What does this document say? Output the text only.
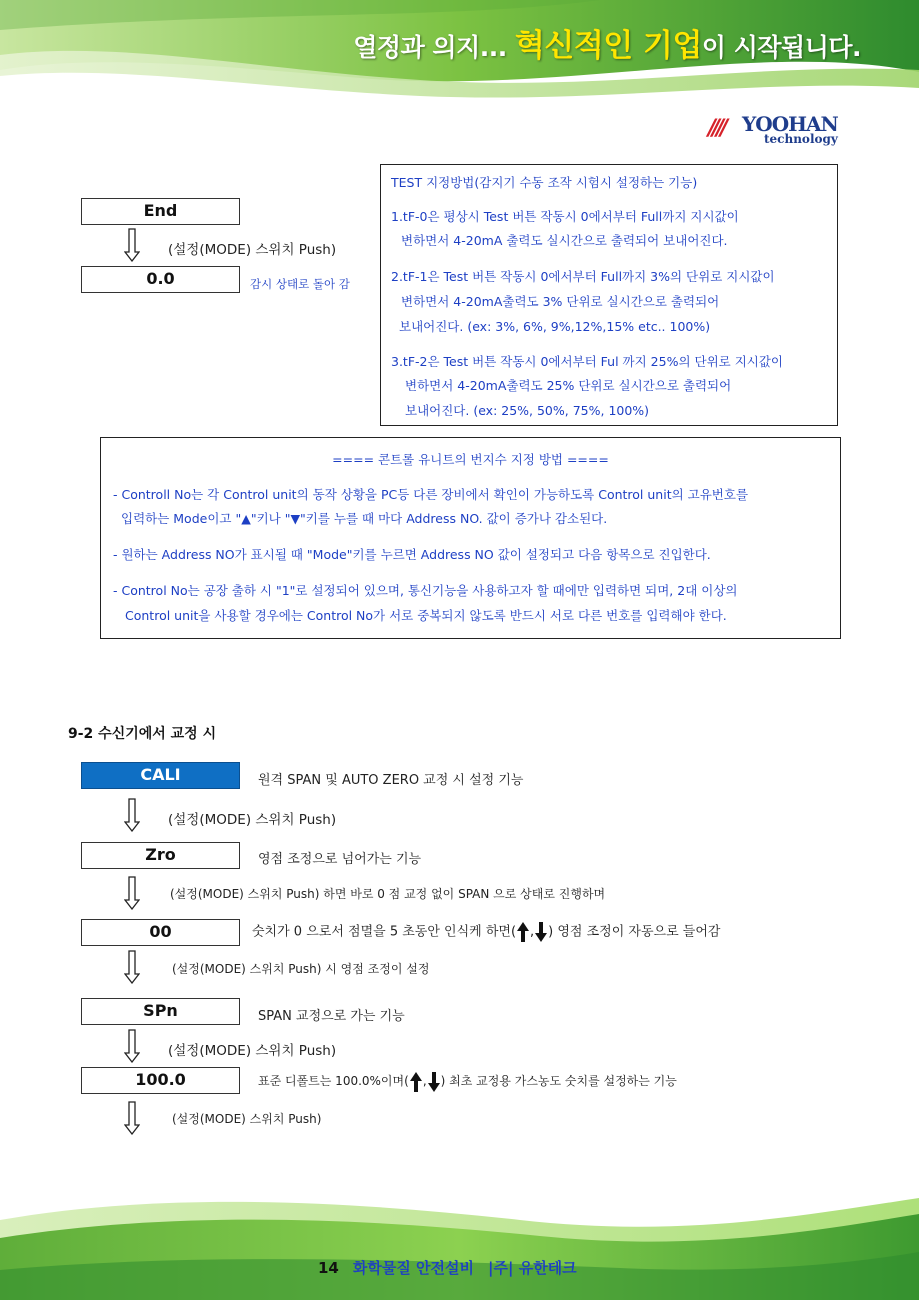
열정과 의지... 혁신적인 기업이 시작됩니다.
//// YOOHAN
technology
End
(설정(MODE) 스위치 Push)
0.0	감시 상태로 돌아 감
TEST 지정방법(감지기 수동 조작 시험시 설정하는 기능)
1.tF-0은 평상시 Test 버튼 작동시 0에서부터 Full까지 지시값이
변하면서 4-20mA 출력도 실시간으로 출력되어 보내어진다.
2.tF-1은 Test 버튼 작동시 0에서부터 Full까지 3%의 단위로 지시값이
변하면서 4-20mA출력도 3% 단위로 실시간으로 출력되어
보내어진다. (ex: 3%, 6%, 9%,12%,15% etc.. 100%)
3.tF-2은 Test 버튼 작동시 0에서부터 Ful 까지 25%의 단위로 지시값이
변하면서 4-20mA출력도 25% 단위로 실시간으로 출력되어
보내어진다. (ex: 25%, 50%, 75%, 100%)
==== 콘트롤 유니트의 번지수 지정 방법 ====
- Controll No는 각 Control unit의 동작 상황을 PC등 다른 장비에서 확인이 가능하도록 Control unit의 고유번호를
입력하는 Mode이고 "▲"키나 "▼"키를 누를 때 마다 Address NO. 값이 증가나 감소된다.
- 원하는 Address NO가 표시될 때 "Mode"키를 누르면 Address NO 값이 설정되고 다음 항목으로 진입한다.
- Control No는 공장 출하 시 "1"로 설정되어 있으며, 통신기능을 사용하고자 할 때에만 입력하면 되며, 2대 이상의
Control unit을 사용할 경우에는 Control No가 서로 중복되지 않도록 반드시 서로 다른 번호를 입력해야 한다.
9-2 수신기에서 교정 시
CALI	원격 SPAN 및 AUTO ZERO 교정 시 설정 기능
(설정(MODE) 스위치 Push)
Zro	영점 조정으로 넘어가는 기능
(설정(MODE) 스위치 Push) 하면 바로 0 점 교정 없이 SPAN 으로 상태로 진행하며
00	숫치가 0 으로서 점멸을 5 초동안 인식케 하면( , ) 영점 조정이 자동으로 들어감
(설정(MODE) 스위치 Push) 시 영점 조정이 설정
SPn	SPAN 교정으로 가는 기능
(설정(MODE) 스위치 Push)
100.0	표준 디폴트는 100.0%이며( , ) 최초 교정용 가스농도 숫치를 설정하는 기능
(설정(MODE) 스위치 Push)
14 화학물질 안전설비 |주| 유한테크
